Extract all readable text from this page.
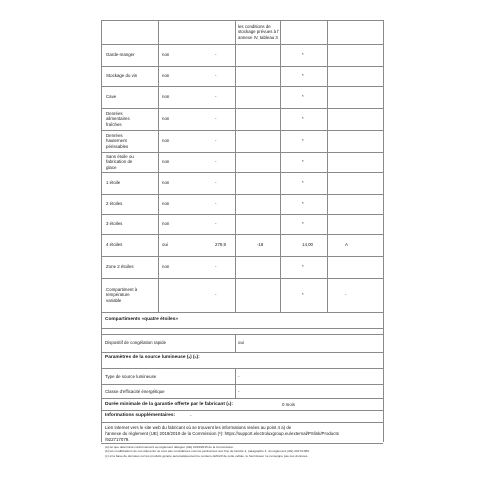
les conditions de
stockage prévues à l'
annexe IV, tableau 3
Garde-manger	non	-	*
Stockage du vin	non	-	*
Cave	non	-	*
Denrées
alimentaires
fraîches
non	-	*
Denrées
hautement
périssables
non	-	*
Sans étoile ou
fabrication de
glace
non	-	*
1 étoile	non	-	*
2 étoiles	non	-	*
3 étoiles	non	-	*
4 étoiles	oui	279,9	-18	14,00	A
Zone 2 étoiles	non	-	*
Compartiment à
température
variable
-	*	-
Compartiments «quatre étoiles»
Dispositif de congélation rapide	oui
Paramètres de la source lumineuse ($^a$) ($^b$):
Type de source lumineuse	-
Classe d'efficacité énergétique	-
Durée minimale de la garantie offerte par le fabricant ($^b$):	0 mois
Informations supplémentaires:	-
Lien internet vers le site web du fabricant où se trouvent les informations visées au point 4 a) de
l'annexe du règlement (UE) 2019/2019 de la Commission ($^b$): https://support.electroluxgroup.eu/external/PSlink/Products
/922717079.
(a) tel que déterminé conformément au règlement délégué (UE) 2019/2015 de la Commission.
(b) les modifications de ces éléments ne sont pas considérées comme pertinentes aux fins de l'article 4, paragraphe 4, du règlement (UE) 2017/1369.
(c) si la base de données sur les produits génère automatiquement le contenu définitif de cette cellule, le fournisseur ne renseigne pas ces données.
